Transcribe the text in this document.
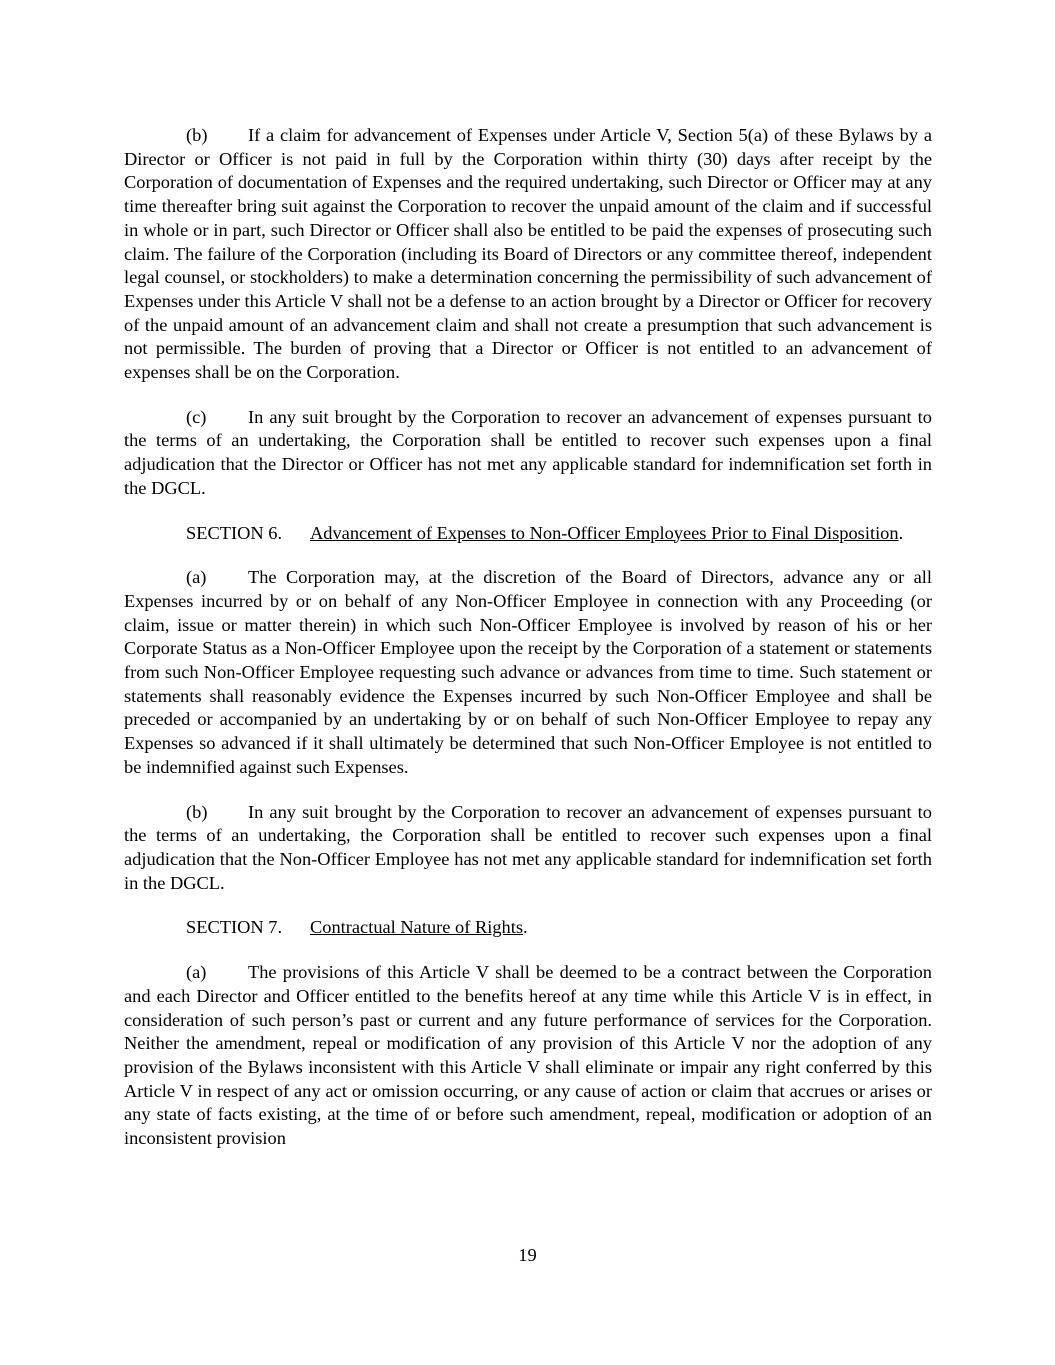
(b) If a claim for advancement of Expenses under Article V, Section 5(a) of these Bylaws by a Director or Officer is not paid in full by the Corporation within thirty (30) days after receipt by the Corporation of documentation of Expenses and the required undertaking, such Director or Officer may at any time thereafter bring suit against the Corporation to recover the unpaid amount of the claim and if successful in whole or in part, such Director or Officer shall also be entitled to be paid the expenses of prosecuting such claim. The failure of the Corporation (including its Board of Directors or any committee thereof, independent legal counsel, or stockholders) to make a determination concerning the permissibility of such advancement of Expenses under this Article V shall not be a defense to an action brought by a Director or Officer for recovery of the unpaid amount of an advancement claim and shall not create a presumption that such advancement is not permissible. The burden of proving that a Director or Officer is not entitled to an advancement of expenses shall be on the Corporation.

(c) In any suit brought by the Corporation to recover an advancement of expenses pursuant to the terms of an undertaking, the Corporation shall be entitled to recover such expenses upon a final adjudication that the Director or Officer has not met any applicable standard for indemnification set forth in the DGCL.

SECTION 6. Advancement of Expenses to Non-Officer Employees Prior to Final Disposition.

(a) The Corporation may, at the discretion of the Board of Directors, advance any or all Expenses incurred by or on behalf of any Non-Officer Employee in connection with any Proceeding (or claim, issue or matter therein) in which such Non-Officer Employee is involved by reason of his or her Corporate Status as a Non-Officer Employee upon the receipt by the Corporation of a statement or statements from such Non-Officer Employee requesting such advance or advances from time to time. Such statement or statements shall reasonably evidence the Expenses incurred by such Non-Officer Employee and shall be preceded or accompanied by an undertaking by or on behalf of such Non-Officer Employee to repay any Expenses so advanced if it shall ultimately be determined that such Non-Officer Employee is not entitled to be indemnified against such Expenses.

(b) In any suit brought by the Corporation to recover an advancement of expenses pursuant to the terms of an undertaking, the Corporation shall be entitled to recover such expenses upon a final adjudication that the Non-Officer Employee has not met any applicable standard for indemnification set forth in the DGCL.

SECTION 7. Contractual Nature of Rights.

(a) The provisions of this Article V shall be deemed to be a contract between the Corporation and each Director and Officer entitled to the benefits hereof at any time while this Article V is in effect, in consideration of such person’s past or current and any future performance of services for the Corporation. Neither the amendment, repeal or modification of any provision of this Article V nor the adoption of any provision of the Bylaws inconsistent with this Article V shall eliminate or impair any right conferred by this Article V in respect of any act or omission occurring, or any cause of action or claim that accrues or arises or any state of facts existing, at the time of or before such amendment, repeal, modification or adoption of an inconsistent provision

19
